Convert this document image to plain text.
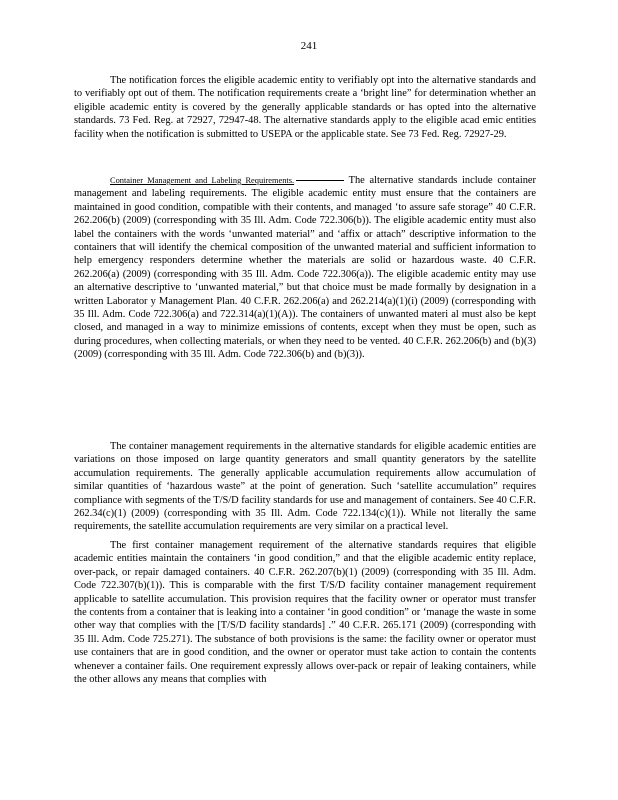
241

The notification forces the eligible academic entity to verifiably opt into the alternative standards and to verifiably opt out of them. The notification requirements create a ‘bright line” for determination whether an eligible academic entity is covered by the generally applicable standards or has opted into the alternative standards. 73 Fed. Reg. at 72927, 72947-48. The alternative standards apply to the eligible acad emic entities facility when the notification is submitted to USEPA or the applicable state. See 73 Fed. Reg. 72927-29.

Container Management and Labeling Requirements.	The alternative standards include container management and labeling requirements. The eligible academic entity must ensure that the containers are maintained in good condition, compatible with their contents, and managed ‘to assure safe storage” 40 C.F.R. 262.206(b) (2009) (corresponding with 35 Ill. Adm. Code 722.306(b)). The eligible academic entity must also label the containers with the words ‘unwanted material” and ‘affix or attach” descriptive information to the containers that will identify the chemical composition of the unwanted material and sufficient information to help emergency responders determine whether the materials are solid or hazardous waste. 40 C.F.R. 262.206(a) (2009) (corresponding with 35 Ill. Adm. Code 722.306(a)). The eligible academic entity may use an alternative descriptive to ‘unwanted material,” but that choice must be made formally by designation in a written Laborator y Management Plan. 40 C.F.R. 262.206(a) and 262.214(a)(1)(i) (2009) (corresponding with 35 Ill. Adm. Code 722.306(a) and 722.314(a)(1)(A)). The containers of unwanted materi al must also be kept closed, and managed in a way to minimize emissions of contents, except when they must be open, such as during procedures, when collecting materials, or when they need to be vented. 40 C.F.R. 262.206(b) and (b)(3) (2009) (corresponding with 35 Ill. Adm. Code 722.306(b) and (b)(3)).

The container management requirements in the alternative standards for eligible academic entities are variations on those imposed on large quantity generators and small quantity generators by the satellite accumulation requirements. The generally applicable accumulation requirements allow accumulation of similar quantities of ‘hazardous waste” at the point of generation. Such ‘satellite accumulation” requires compliance with segments of the T/S/D facility standards for use and management of containers. See 40 C.F.R. 262.34(c)(1) (2009) (corresponding with 35 Ill. Adm. Code 722.134(c)(1)). While not literally the same requirements, the satellite accumulation requirements are very similar on a practical level.

The first container management requirement of the alternative standards requires that eligible academic entities maintain the containers ‘in good condition,” and that the eligible academic entity replace, over-pack, or repair damaged containers. 40 C.F.R. 262.207(b)(1) (2009) (corresponding with 35 Ill. Adm. Code 722.307(b)(1)). This is comparable with the first T/S/D facility container management requirement applicable to satellite accumulation. This provision requires that the facility owner or operator must transfer the contents from a container that is leaking into a container ‘in good condition” or ‘manage the waste in some other way that complies with the [T/S/D facility standards] .” 40 C.F.R. 265.171 (2009) (corresponding with 35 Ill. Adm. Code 725.271). The substance of both provisions is the same: the facility owner or operator must use containers that are in good condition, and the owner or operator must take action to contain the contents whenever a container fails. One requirement expressly allows over-pack or repair of leaking containers, while the other allows any means that complies with
